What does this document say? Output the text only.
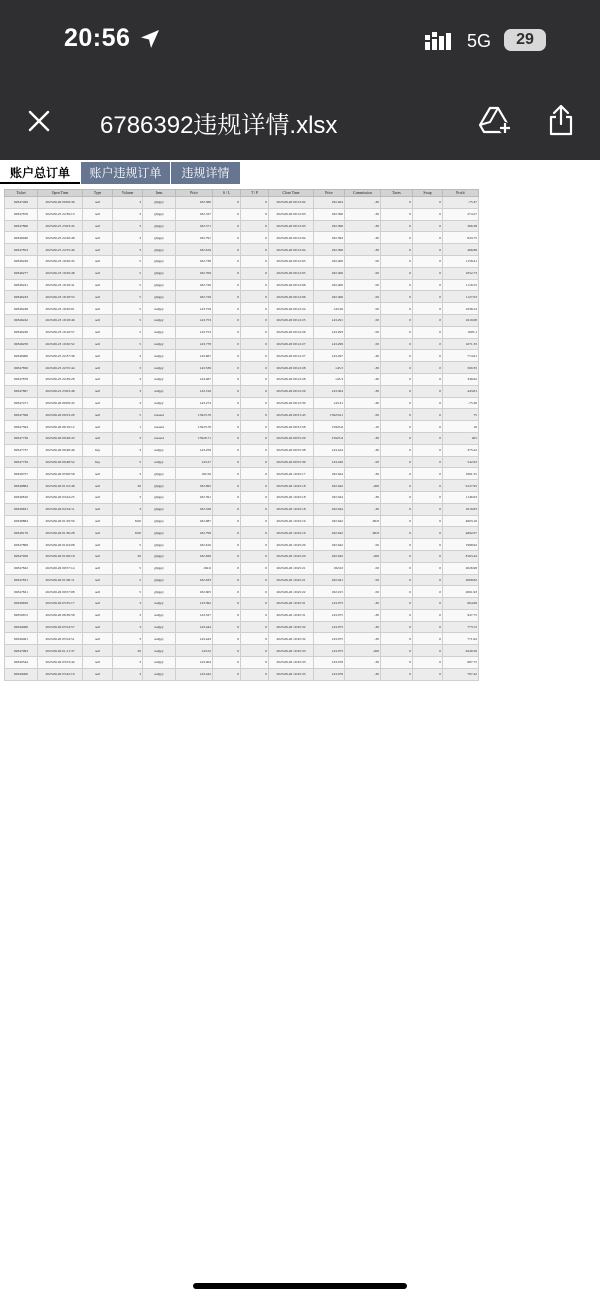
20:56	5G	29
6786392违规详情.xlsx
账户总订单	账户违规订单	违规详情
Ticket	Open Time	Type	Volume	Item	Price	S / L	T / P	Close Time	Price	Commission	Taxes	Swap	Profit
69347469	2023.06.26 00:09:36	sell	3	gbpjpy	182.360	0	0	2023.06.26 00:12:02	182.404	-30	0	0	-75.37
69347876	2023.06.25 22:39:13	sell	3	gbpjpy	182.527	0	0	2023.06.26 00:12:03	182.396	-30	0	0	274.27
69347896	2023.06.25 23:03:45	sell	3	gbpjpy	182.571	0	0	2023.06.26 00:12:03	182.396	-30	0	0	366.38
69346940	2023.06.25 22:26:48	sell	3	gbpjpy	182.797	0	0	2023.06.26 00:12:04	182.394	-30	0	0	843.75
69347853	2023.06.25 22:55:40	sell	3	gbpjpy	182.619	0	0	2023.06.26 00:12:04	182.396	-30	0	0	466.88
69346249	2023.06.23 19:20:45	sell	5	gbpjpy	182.738	0	0	2023.06.26 00:12:05	182.406	-50	0	0	1158.41
69346277	2023.06.23 19:29:48	sell	5	gbpjpy	182.709	0	0	2023.06.26 00:12:05	182.406	-50	0	0	1052.73
69346241	2023.06.23 19:18:41	sell	5	gbpjpy	182.726	0	0	2023.06.26 00:12:06	182.406	-50	0	0	1116.55
69346243	2023.06.23 19:18:53	sell	5	gbpjpy	182.729	0	0	2023.06.26 00:12:06	182.406	-50	0	0	1127.03
69346248	2023.06.23 19:20:01	sell	5	usdjpy	143.759	0	0	2023.06.26 00:12:24	143.29	-50	0	0	1636.54
69346242	2023.06.23 19:18:46	sell	5	usdjpy	143.753	0	0	2023.06.26 00:12:25	143.291	-50	0	0	1619.08
69346240	2023.06.23 19:16:57	sell	5	usdjpy	143.753	0	0	2023.06.26 00:12:26	143.293	-50	0	0	1605.1
69346258	2023.06.23 19:20:52	sell	5	usdjpy	143.778	0	0	2023.06.26 00:12:27	143.299	-50	0	0	1671.33
69346990	2023.06.25 22:37:38	sell	3	usdjpy	143.667	0	0	2023.06.26 00:12:27	143.297	-30	0	0	774.61
69347856	2023.06.25 22:55:44	sell	3	usdjpy	143.539	0	0	2023.06.26 00:12:28	143.3	-30	0	0	500.35
69347878	2023.06.25 22:39:28	sell	3	usdjpy	143.467	0	0	2023.06.26 00:12:28	143.3	-30	0	0	349.62
69347897	2023.06.25 23:03:48	sell	3	usdjpy	143.516	0	0	2023.06.26 00:12:29	143.304	-30	0	0	443.81
69347471	2023.06.26 00:09:45	sell	3	usdjpy	143.274	0	0	2023.06.26 00:12:30	143.31	-30	0	0	-75.36
69347598	2023.06.26 00:23:29	sell	5	nasusd	15923.76	0	0	2023.06.26 00:31:45	15923.61	-50	0	0	75
69347594	2023.06.26 00:19:12	sell	1	nasusd	15923.76	0	0	2023.06.26 00:31:58	15923.6	-10	0	0	16
69347736	2023.06.26 00:48:43	sell	3	nasusd	15926.71	0	0	2023.06.26 00:55:29	15925.9	-30	0	0	405
69347737	2023.06.26 00:48:46	buy	3	usdjpy	143.259	0	0	2023.06.26 00:55:38	143.424	-30	0	0	375.22
69347739	2023.06.26 00:48:52	buy	5	usdjpy	143.27	0	0	2023.06.26 00:55:39	143.426	-50	0	0	542.93
69349757	2023.06.26 05:00:58	sell	3	gbpjpy	182.56	0	0	2023.06.26 10:45:17	182.044	-30	0	0	1081.55
69348884	2023.06.26 01:52:48	sell	20	gbpjpy	182.695	0	0	2023.06.26 10:45:18	182.042	-200	0	0	9127.95
69349810	2023.06.26 03:44:25	sell	3	gbpjpy	182.591	0	0	2023.06.26 10:45:18	182.044	-30	0	0	1146.93
69349631	2023.06.26 04:34:11	sell	3	gbpjpy	182.528	0	0	2023.06.26 10:45:18	182.044	-30	0	0	1018.83
69348884	2023.06.26 01:29:59	sell	8.00	gbpjpy	182.687	0	0	2023.06.26 10:45:19	182.042	-80.8	0	0	4003.16
69348179	2023.06.26 01:30:28	sell	8.00	gbpjpy	182.799	0	0	2023.06.26 10:45:19	182.042	-80.8	0	0	4692.07
69347899	2023.06.26 01:04:08	sell	5	gbpjpy	182.616	0	0	2023.06.26 10:45:20	182.042	-50	0	0	1998.92
69347926	2023.06.26 01:06:18	sell	20	gbpjpy	182.626	0	0	2023.06.26 10:45:20	182.042	-200	0	0	8163.44
69347822	2023.06.26 00:57:14	sell	5	gbpjpy	182.6	0	0	2023.06.26 10:45:21	182.02	-50	0	0	2026.98
69347831	2023.06.26 01:00:11	sell	5	gbpjpy	182.633	0	0	2023.06.26 10:45:21	182.041	-50	0	0	2068.82
69347821	2023.06.26 00:57:08	sell	5	gbpjpy	182.605	0	0	2023.06.26 10:45:22	182.015	-50	0	0	2061.93
69349639	2023.06.26 05:35:17	sell	3	usdjpy	143.392	0	0	2023.06.26 10:45:31	143.075	-30	0	0	664.69
69350672	2023.06.26 06:39:58	sell	3	usdjpy	143.527	0	0	2023.06.26 10:45:31	143.075	-30	0	0	947.75
69349460	2023.06.26 05:54:57	sell	3	usdjpy	143.444	0	0	2023.06.26 10:45:32	143.075	-30	0	0	773.72
69349461	2023.06.26 05:54:51	sell	3	usdjpy	143.443	0	0	2023.06.26 10:45:32	143.075	-30	0	0	771.62
69347993	2023.06.26 01:11:37	sell	20	usdjpy	143.52	0	0	2023.06.26 10:45:33	143.075	-200	0	0	6249.56
69349544	2023.06.26 03:53:44	sell	3	usdjpy	143.404	0	0	2023.06.26 10:45:33	143.076	-30	0	0	687.75
69349400	2023.06.26 03:42:10	sell	3	usdjpy	143.442	0	0	2023.06.26 10:45:33	143.076	-30	0	0	767.42
